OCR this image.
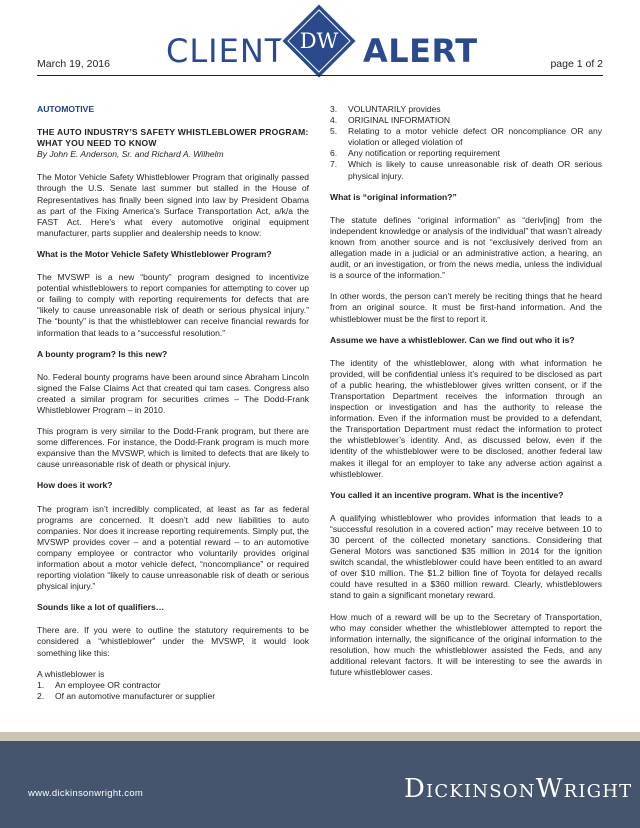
March 19, 2016 CLIENT DW ALERT	page 1 of 2
AUTOMOTIVE
THE AUTO INDUSTRY’S SAFETY WHISTLEBLOWER PROGRAM:
WHAT YOU NEED TO KNOW
By John E. Anderson, Sr. and Richard A. Wilhelm

The Motor Vehicle Safety Whistleblower Program that originally passed through the U.S. Senate last summer but stalled in the House of Representatives has finally been signed into law by President Obama as part of the Fixing America’s Surface Transportation Act, a/k/a the FAST Act. Here’s what every automotive original equipment manufacturer, parts supplier and dealership needs to know:

What is the Motor Vehicle Safety Whistleblower Program?

The MVSWP is a new “bounty” program designed to incentivize potential whistleblowers to report companies for attempting to cover up or failing to comply with reporting requirements for defects that are “likely to cause unreasonable risk of death or serious physical injury.” The “bounty” is that the whistleblower can receive financial rewards for information that leads to a “successful resolution.”

A bounty program? Is this new?

No. Federal bounty programs have been around since Abraham Lincoln signed the False Claims Act that created qui tam cases. Congress also created a similar program for securities crimes – The Dodd-Frank Whistleblower Program – in 2010.

This program is very similar to the Dodd-Frank program, but there are some differences. For instance, the Dodd-Frank program is much more expansive than the MVSWP, which is limited to defects that are likely to cause unreasonable risk of death or physical injury.

How does it work?

The program isn’t incredibly complicated, at least as far as federal programs are concerned. It doesn’t add new liabilities to auto companies. Nor does it increase reporting requirements. Simply put, the MVSWP provides cover – and a potential reward – to an automotive company employee or contractor who voluntarily provides original information about a motor vehicle defect, “noncompliance” or required reporting violation “likely to cause unreasonable risk of death or serious physical injury.”

Sounds like a lot of qualifiers…

There are. If you were to outline the statutory requirements to be considered a “whistleblower” under the MVSWP, it would look something like this:

A whistleblower is

1.	An employee OR contractor
2.	Of an automotive manufacturer or supplier
3.	VOLUNTARILY provides
4.	ORIGINAL INFORMATION
5.	Relating to a motor vehicle defect OR noncompliance OR any violation or alleged violation of
6.	Any notification or reporting requirement
7.	Which is likely to cause unreasonable risk of death OR serious physical injury.
What is “original information?”

The statute defines “original information” as “deriv[ing] from the independent knowledge or analysis of the individual” that wasn’t already known from another source and is not “exclusively derived from an allegation made in a judicial or an administrative action, a hearing, an audit, or an investigation, or from the news media, unless the individual is a source of the information.”

In other words, the person can’t merely be reciting things that he heard from an original source. It must be first-hand information. And the whistleblower must be the first to report it.

Assume we have a whistleblower. Can we find out who it is?

The identity of the whistleblower, along with what information he provided, will be confidential unless it’s required to be disclosed as part of a public hearing, the whistleblower gives written consent, or if the Transportation Department receives the information through an inspection or investigation and has the authority to release the information. Even if the information must be provided to a defendant, the Transportation Department must redact the information to protect the whistleblower’s identity. And, as discussed below, even if the identity of the whistleblower were to be disclosed, another federal law makes it illegal for an employer to take any adverse action against a whistleblower.

You called it an incentive program. What is the incentive?

A qualifying whistleblower who provides information that leads to a “successful resolution in a covered action” may receive between 10 to 30 percent of the collected monetary sanctions. Considering that General Motors was sanctioned $35 million in 2014 for the ignition switch scandal, the whistleblower could have been entitled to an award of over $10 million. The $1.2 billion fine of Toyota for delayed recalls could have resulted in a $360 million reward. Clearly, whistleblowers stand to gain a significant monetary reward.

How much of a reward will be up to the Secretary of Transportation, who may consider whether the whistleblower attempted to report the information internally, the significance of the original information to the resolution, how much the whistleblower assisted the Feds, and any additional relevant factors. It will be interesting to see the awards in future whistleblower cases.

www.dickinsonwright.com	DICKINSONWRIGHT
